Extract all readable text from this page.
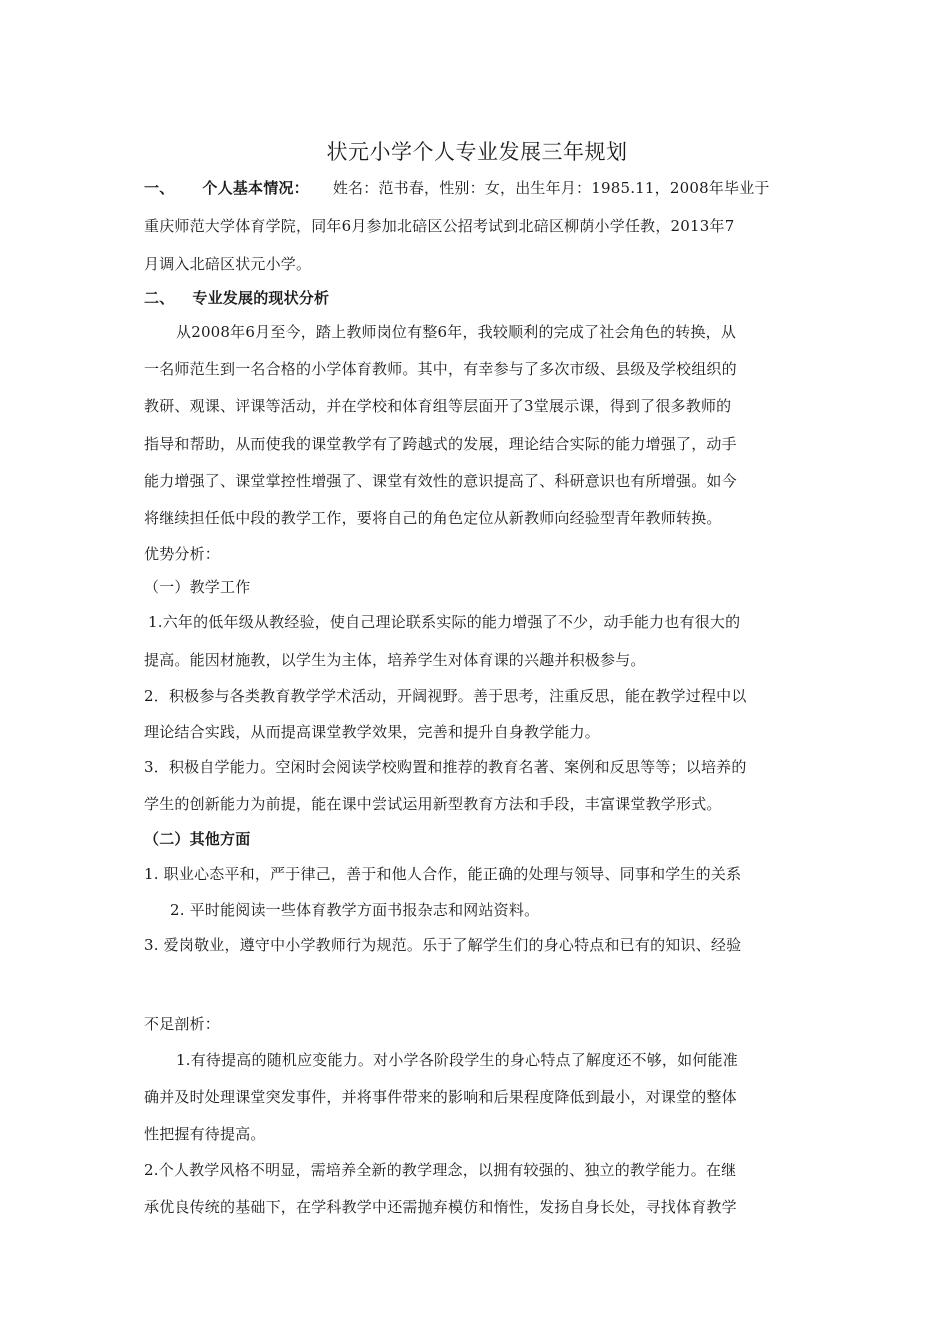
状元小学个人专业发展三年规划
一、 个人基本情况： 姓名：范书春，性别：女，出生年月：1985.11，2008年毕业于
重庆师范大学体育学院，同年6月参加北碚区公招考试到北碚区柳荫小学任教，2013年7
月调入北碚区状元小学。
二、 专业发展的现状分析
从2008年6月至今，踏上教师岗位有整6年，我较顺利的完成了社会角色的转换，从
一名师范生到一名合格的小学体育教师。其中，有幸参与了多次市级、县级及学校组织的
教研、观课、评课等活动，并在学校和体育组等层面开了3堂展示课，得到了很多教师的
指导和帮助，从而使我的课堂教学有了跨越式的发展，理论结合实际的能力增强了，动手
能力增强了、课堂掌控性增强了、课堂有效性的意识提高了、科研意识也有所增强。如今
将继续担任低中段的教学工作，要将自己的角色定位从新教师向经验型青年教师转换。
优势分析：
（一）教学工作
1.六年的低年级从教经验，使自己理论联系实际的能力增强了不少，动手能力也有很大的
提高。能因材施教，以学生为主体，培养学生对体育课的兴趣并积极参与。
2．积极参与各类教育教学学术活动，开阔视野。善于思考，注重反思，能在教学过程中以
理论结合实践，从而提高课堂教学效果，完善和提升自身教学能力。
3．积极自学能力。空闲时会阅读学校购置和推荐的教育名著、案例和反思等等；以培养的
学生的创新能力为前提，能在课中尝试运用新型教育方法和手段，丰富课堂教学形式。
（二）其他方面
1. 职业心态平和，严于律己，善于和他人合作，能正确的处理与领导、同事和学生的关系
2. 平时能阅读一些体育教学方面书报杂志和网站资料。
3. 爱岗敬业，遵守中小学教师行为规范。乐于了解学生们的身心特点和已有的知识、经验
不足剖析：
1.有待提高的随机应变能力。对小学各阶段学生的身心特点了解度还不够，如何能准
确并及时处理课堂突发事件，并将事件带来的影响和后果程度降低到最小，对课堂的整体
性把握有待提高。
2.个人教学风格不明显，需培养全新的教学理念，以拥有较强的、独立的教学能力。在继
承优良传统的基础下，在学科教学中还需抛弃模仿和惰性，发扬自身长处，寻找体育教学
